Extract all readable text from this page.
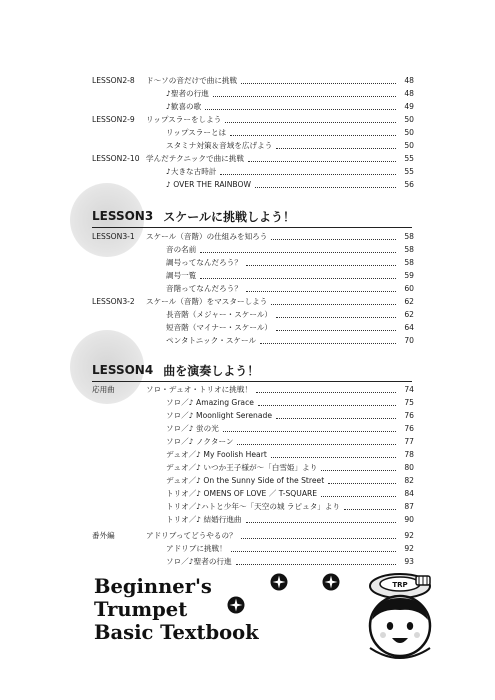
LESSON2-8	ド～ソの音だけで曲に挑戦	48
♪聖者の行進	48
♪歓喜の歌	49
LESSON2-9	リップスラーをしよう	50
リップスラーとは	50
スタミナ対策＆音域を広げよう	50
LESSON2-10 学んだテクニックで曲に挑戦	55
♪大きな古時計	55
♪ OVER THE RAINBOW	56
LESSON3 スケールに挑戦しよう！
LESSON3-1	スケール（音階）の仕組みを知ろう	58
音の名前	58
調号ってなんだろう？	58
調号一覧	59
音階ってなんだろう？	60
LESSON3-2	スケール（音階）をマスターしよう	62
長音階（メジャー・スケール）	62
短音階（マイナー・スケール）	64
ペンタトニック・スケール	70
LESSON4 曲を演奏しよう！
応用曲	ソロ・デュオ・トリオに挑戦！	74
ソロ／♪ Amazing Grace	75
ソロ／♪ Moonlight Serenade	76
ソロ／♪ 蛍の光	76
ソロ／♪ ノクターン	77
デュオ／♪ My Foolish Heart	78
デュオ／♪ いつか王子様が～「白雪姫」より	80
デュオ／♪ On the Sunny Side of the Street	82
トリオ／♪ OMENS OF LOVE ／ T-SQUARE	84
トリオ／♪ハトと少年～「天空の城 ラピュタ」より	87
トリオ／♪ 結婚行進曲	90
番外編	アドリブってどうやるの？	92
アドリブに挑戦！	92
ソロ／♪聖者の行進	93
Beginner's
Trumpet
Basic Textbook
TRP
